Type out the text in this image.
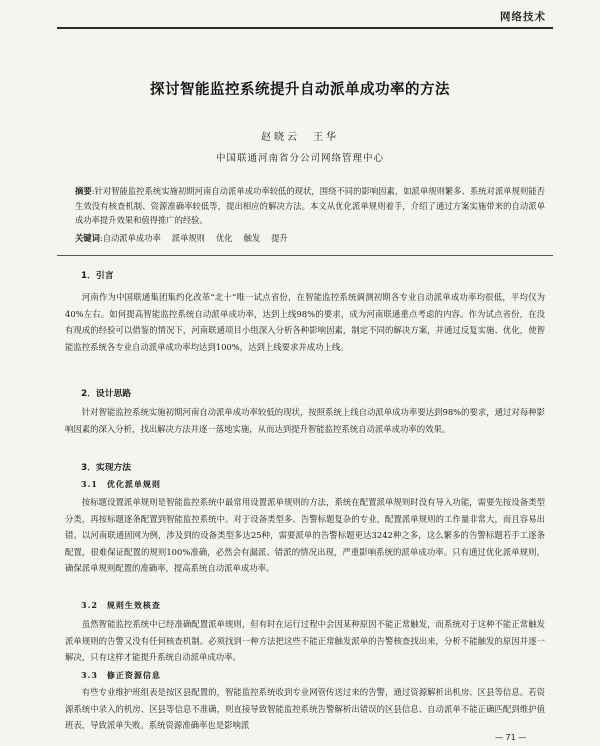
网络技术
探讨智能监控系统提升自动派单成功率的方法
赵晓云　王华
中国联通河南省分公司网络管理中心

摘要:针对智能监控系统实施初期河南自动派单成功率较低的现状，围绕不同的影响因素，如派单规则繁多、系统对派单规则能否生效没有核查机制、资源准确率较低等，提出相应的解决方法。本文从优化派单规则着手，介绍了通过方案实施带来的自动派单成功率提升效果和值得推广的经验。

关键词:自动派单成功率 派单规则 优化 触发 提升

1．引言

河南作为中国联通集团集约化改革“北十”唯一试点省份，在智能监控系统调测初期各专业自动派单成功率均很低，平均仅为40%左右。如何提高智能监控系统自动派单成功率，达到上线98%的要求，成为河南联通重点考虑的内容。作为试点省份，在没有现成的经验可以借鉴的情况下，河南联通项目小组深入分析各种影响因素，制定不同的解决方案，并通过反复实施、优化，使智能监控系统各专业自动派单成功率均达到100%，达到上线要求并成功上线。

2．设计思路

针对智能监控系统实施初期河南自动派单成功率较低的现状，按照系统上线自动派单成功率要达到98%的要求，通过对每种影响因素的深入分析，找出解决方法并逐一落地实施，从而达到提升智能监控系统自动派单成功率的效果。

3．实现方法
3.1　优化派单规则

按标题设置派单规则是智能监控系统中最常用设置派单规则的方法，系统在配置派单规则时没有导入功能，需要先按设备类型分类，再按标题逐条配置到智能监控系统中。对于设备类型多、告警标题复杂的专业，配置派单规则的工作量非常大，而且容易出错。以河南联通固网为例，涉及到的设备类型多达25种，需要派单的告警标题更达3242种之多，这么繁多的告警标题若手工逐条配置，很难保证配置的规则100%准确，必然会有漏派、错派的情况出现，严重影响系统的派单成功率。只有通过优化派单规则，确保派单规则配置的准确率，提高系统自动派单成功率。

3.2　规则生效核查

虽然智能监控系统中已经准确配置派单规则，但有时在运行过程中会因某种原因不能正常触发，而系统对于这种不能正常触发派单规则的告警又没有任何核查机制。必须找到一种方法把这些不能正常触发派单的告警核查找出来，分析不能触发的原因并逐一解决，只有这样才能提升系统自动派单成功率。

3.3　修正资源信息

有些专业维护班组表是按区县配置的，智能监控系统收到专业网管传送过来的告警，通过资源解析出机房、区县等信息。若资源系统中录入的机房、区县等信息不准确，则直接导致智能监控系统告警解析出错误的区县信息、自动派单不能正确匹配到维护值班表，导致派单失败。系统资源准确率也是影响派

— 71 —
